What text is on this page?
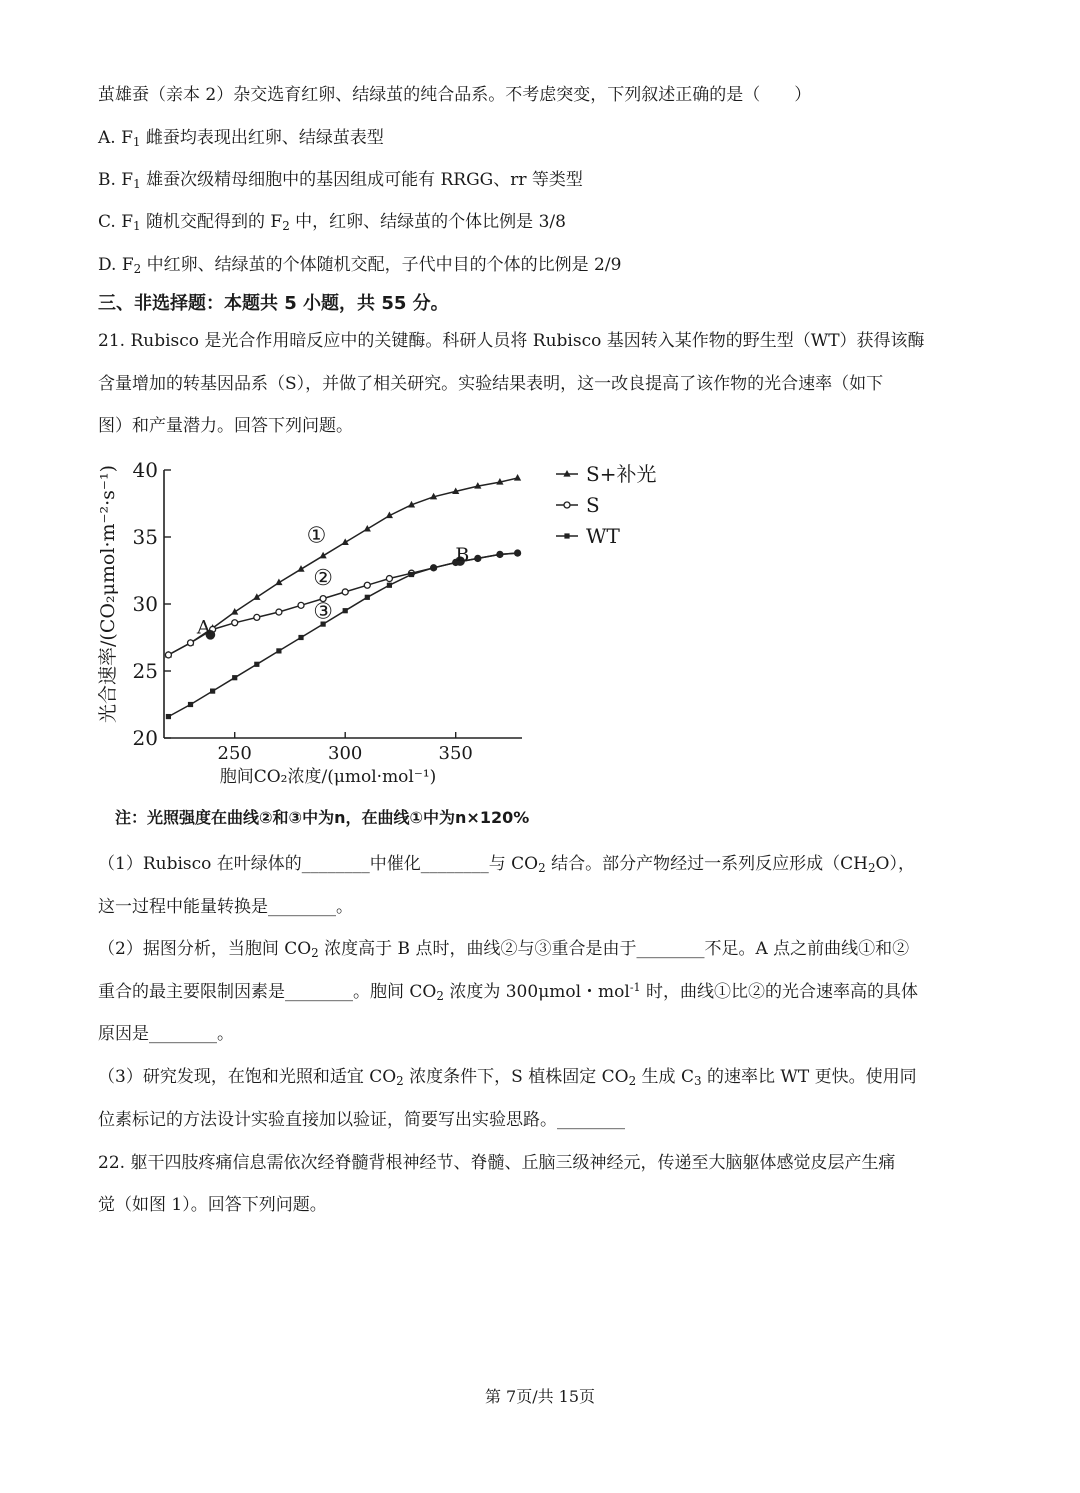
茧雄蚕（亲本 2）杂交选育红卵、结绿茧的纯合品系。不考虑突变，下列叙述正确的是（　　）
A. $F_1$ 雌蚕均表现出红卵、结绿茧表型
B. $F_1$ 雄蚕次级精母细胞中的基因组成可能有 RRGG、rr 等类型
C. $F_1$ 随机交配得到的 $F_2$ 中，红卵、结绿茧的个体比例是 3/8
D. $F_2$ 中红卵、结绿茧的个体随机交配，子代中目的个体的比例是 2/9
三、非选择题：本题共 5 小题，共 55 分。
21. Rubisco 是光合作用暗反应中的关键酶。科研人员将 Rubisco 基因转入某作物的野生型（WT）获得该酶
含量增加的转基因品系（S），并做了相关研究。实验结果表明，这一改良提高了该作物的光合速率（如下
图）和产量潜力。回答下列问题。
20
25
30
35
40
250	300	350
胞间CO₂浓度/(μmol·mol⁻¹)
光合速率/(CO₂μmol·m⁻²·s⁻¹)	A
B
①
②
③
S+补光
S
WT
注：光照强度在曲线②和③中为n，在曲线①中为n×120%
（1）Rubisco 在叶绿体的________中催化________与 $CO_2$ 结合。部分产物经过一系列反应形成$(CH_2O)$，
这一过程中能量转换是________。
（2）据图分析，当胞间 $CO_2$ 浓度高于 B 点时，曲线②与③重合是由于________不足。A 点之前曲线①和②
重合的最主要限制因素是________。胞间 $CO_2$ 浓度为 300μmol・mol$^{-1}$ 时，曲线①比②的光合速率高的具体
原因是________。
（3）研究发现，在饱和光照和适宜 $CO_2$ 浓度条件下，S 植株固定 $CO_2$ 生成 $C_3$ 的速率比 WT 更快。使用同
位素标记的方法设计实验直接加以验证，简要写出实验思路。________
22. 躯干四肢疼痛信息需依次经脊髓背根神经节、脊髓、丘脑三级神经元，传递至大脑躯体感觉皮层产生痛
觉（如图 1）。回答下列问题。
第 7页/共 15页
